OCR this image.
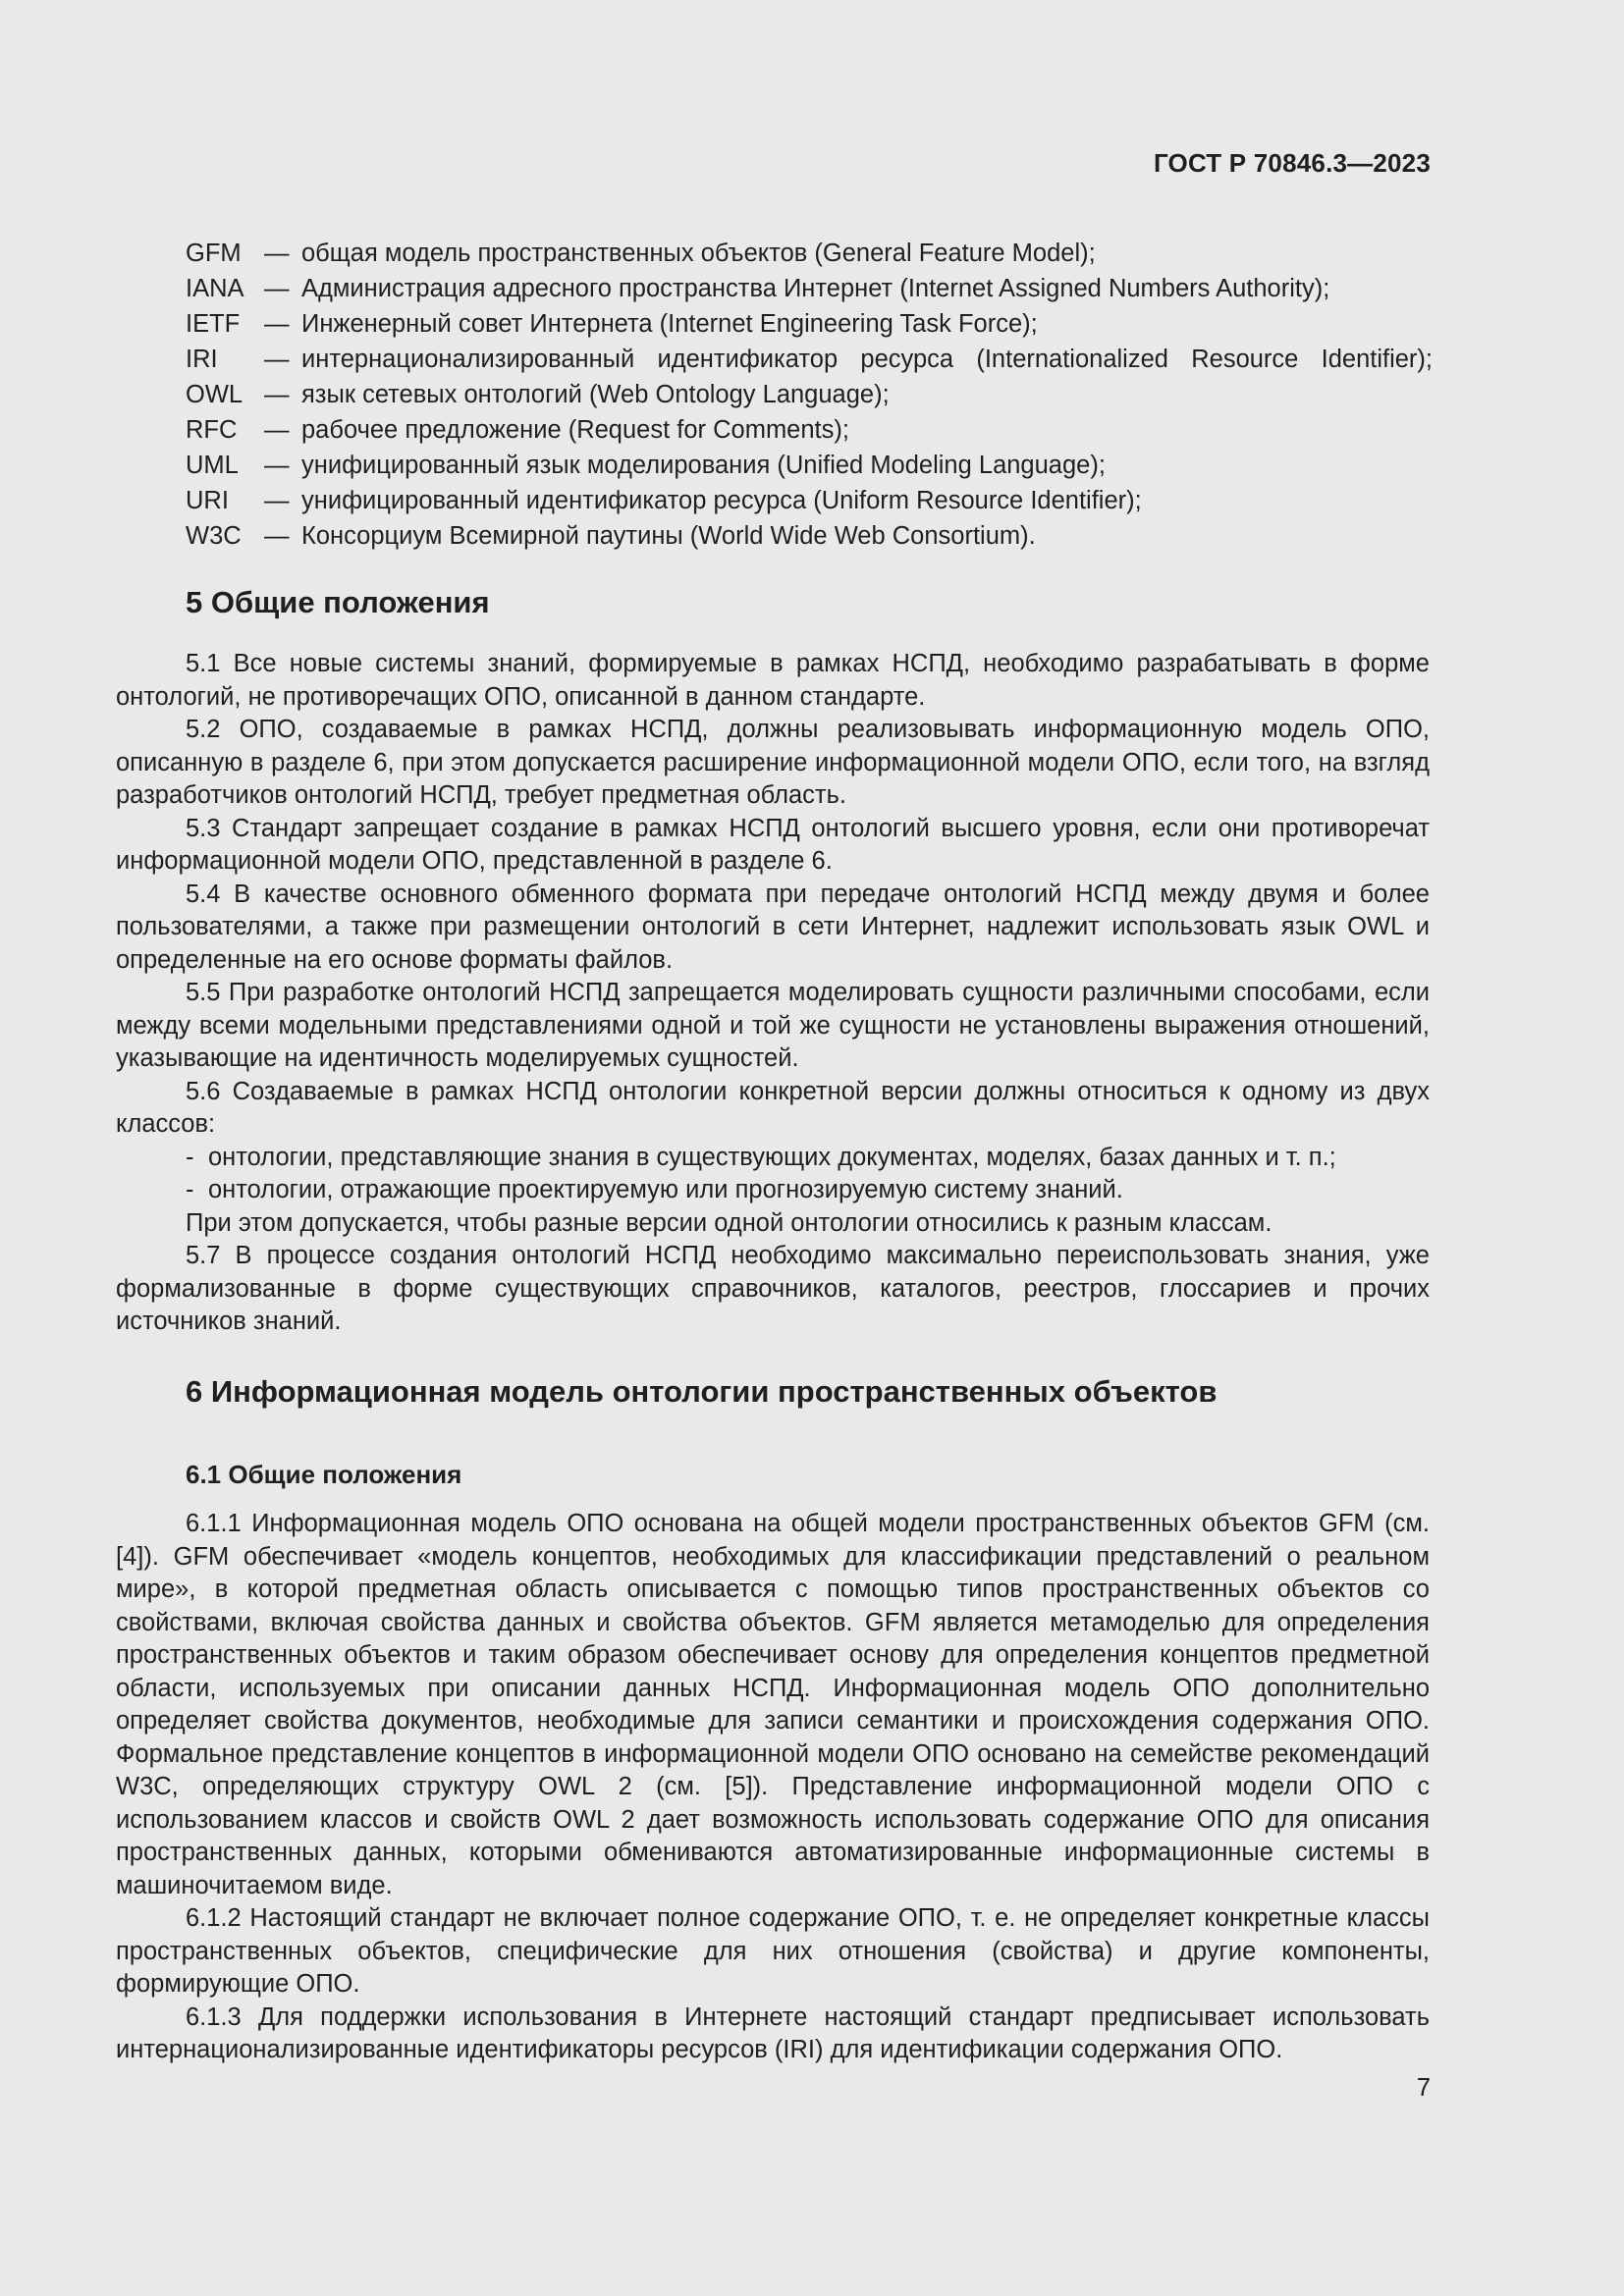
ГОСТ Р 70846.3—2023
GFM — общая модель пространственных объектов (General Feature Model);
IANA — Администрация адресного пространства Интернет (Internet Assigned Numbers Authority);
IETF — Инженерный совет Интернета (Internet Engineering Task Force);
IRI	— интернационализированный идентификатор ресурса (Internationalized Resource Identifier);
OWL — язык сетевых онтологий (Web Ontology Language);
RFC	— рабочее предложение (Request for Comments);
UML	— унифицированный язык моделирования (Unified Modeling Language);
URI	— унифицированный идентификатор ресурса (Uniform Resource Identifier);
W3C — Консорциум Всемирной паутины (World Wide Web Consortium).
5 Общие положения

5.1 Все новые системы знаний, формируемые в рамках НСПД, необходимо разрабатывать в форме онтологий, не противоречащих ОПО, описанной в данном стандарте.

5.2 ОПО, создаваемые в рамках НСПД, должны реализовывать информационную модель ОПО, описанную в разделе 6, при этом допускается расширение информационной модели ОПО, если того, на взгляд разработчиков онтологий НСПД, требует предметная область.

5.3 Стандарт запрещает создание в рамках НСПД онтологий высшего уровня, если они противоречат информационной модели ОПО, представленной в разделе 6.

5.4 В качестве основного обменного формата при передаче онтологий НСПД между двумя и более пользователями, а также при размещении онтологий в сети Интернет, надлежит использовать язык OWL и определенные на его основе форматы файлов.

5.5 При разработке онтологий НСПД запрещается моделировать сущности различными способами, если между всеми модельными представлениями одной и той же сущности не установлены выражения отношений, указывающие на идентичность моделируемых сущностей.

5.6 Создаваемые в рамках НСПД онтологии конкретной версии должны относиться к одному из двух классов:

- онтологии, представляющие знания в существующих документах, моделях, базах данных и т. п.;

- онтологии, отражающие проектируемую или прогнозируемую систему знаний.

При этом допускается, чтобы разные версии одной онтологии относились к разным классам.

5.7 В процессе создания онтологий НСПД необходимо максимально переиспользовать знания, уже формализованные в форме существующих справочников, каталогов, реестров, глоссариев и прочих источников знаний.

6 Информационная модель онтологии пространственных объектов
6.1 Общие положения

6.1.1 Информационная модель ОПО основана на общей модели пространственных объектов GFM (см. [4]). GFM обеспечивает «модель концептов, необходимых для классификации представлений о реальном мире», в которой предметная область описывается с помощью типов пространственных объектов со свойствами, включая свойства данных и свойства объектов. GFM является метамоделью для определения пространственных объектов и таким образом обеспечивает основу для определения концептов предметной области, используемых при описании данных НСПД. Информационная модель ОПО дополнительно определяет свойства документов, необходимые для записи семантики и происхождения содержания ОПО. Формальное представление концептов в информационной модели ОПО основано на семействе рекомендаций W3C, определяющих структуру OWL 2 (см. [5]). Представление информационной модели ОПО с использованием классов и свойств OWL 2 дает возможность использовать содержание ОПО для описания пространственных данных, которыми обмениваются автоматизированные информационные системы в машиночитаемом виде.

6.1.2 Настоящий стандарт не включает полное содержание ОПО, т. е. не определяет конкретные классы пространственных объектов, специфические для них отношения (свойства) и другие компоненты, формирующие ОПО.

6.1.3 Для поддержки использования в Интернете настоящий стандарт предписывает использовать интернационализированные идентификаторы ресурсов (IRI) для идентификации содержания ОПО.

7
